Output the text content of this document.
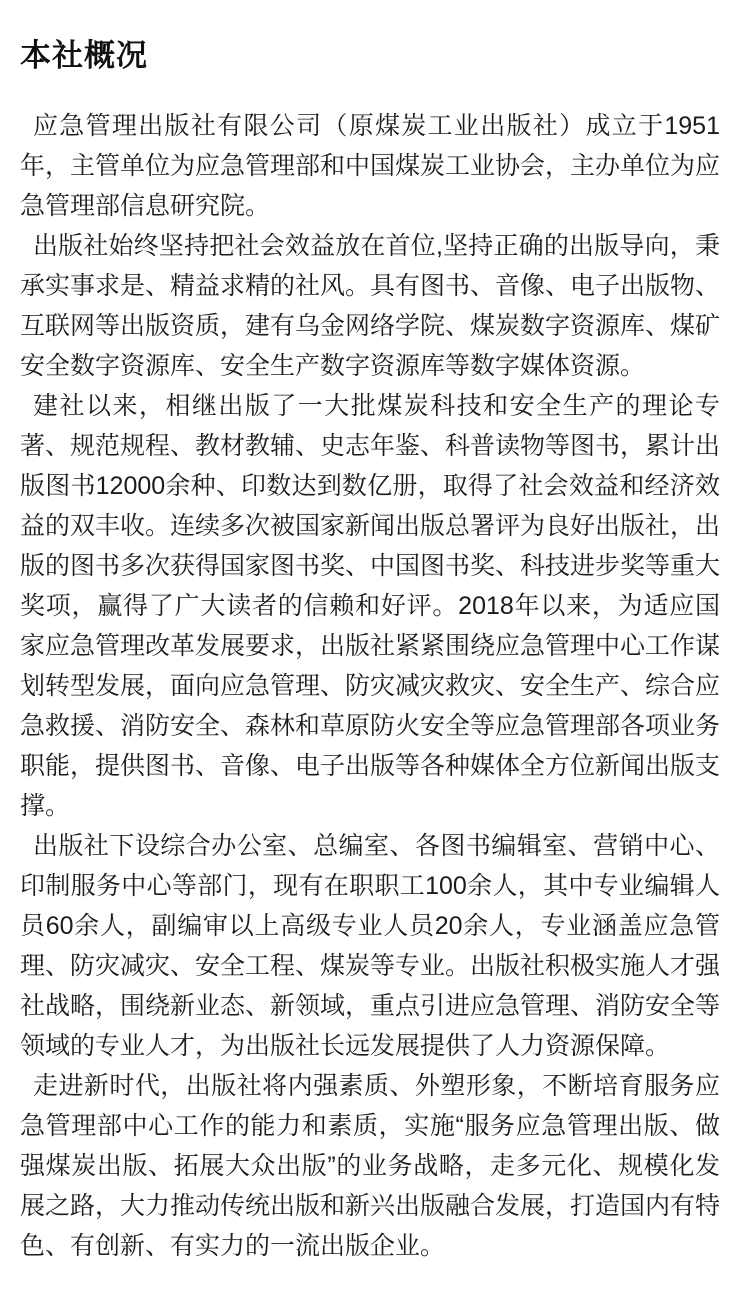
本社概况

应急管理出版社有限公司（原煤炭工业出版社）成立于1951年，主管单位为应急管理部和中国煤炭工业协会，主办单位为应急管理部信息研究院。

出版社始终坚持把社会效益放在首位,坚持正确的出版导向，秉承实事求是、精益求精的社风。具有图书、音像、电子出版物、互联网等出版资质，建有乌金网络学院、煤炭数字资源库、煤矿安全数字资源库、安全生产数字资源库等数字媒体资源。

建社以来，相继出版了一大批煤炭科技和安全生产的理论专著、规范规程、教材教辅、史志年鉴、科普读物等图书，累计出版图书12000余种、印数达到数亿册，取得了社会效益和经济效益的双丰收。连续多次被国家新闻出版总署评为良好出版社，出版的图书多次获得国家图书奖、中国图书奖、科技进步奖等重大奖项，赢得了广大读者的信赖和好评。2018年以来，为适应国家应急管理改革发展要求，出版社紧紧围绕应急管理中心工作谋划转型发展，面向应急管理、防灾减灾救灾、安全生产、综合应急救援、消防安全、森林和草原防火安全等应急管理部各项业务职能，提供图书、音像、电子出版等各种媒体全方位新闻出版支撑。

出版社下设综合办公室、总编室、各图书编辑室、营销中心、印制服务中心等部门，现有在职职工100余人，其中专业编辑人员60余人，副编审以上高级专业人员20余人，专业涵盖应急管理、防灾减灾、安全工程、煤炭等专业。出版社积极实施人才强社战略，围绕新业态、新领域，重点引进应急管理、消防安全等领域的专业人才，为出版社长远发展提供了人力资源保障。

走进新时代，出版社将内强素质、外塑形象，不断培育服务应急管理部中心工作的能力和素质，实施“服务应急管理出版、做强煤炭出版、拓展大众出版”的业务战略，走多元化、规模化发展之路，大力推动传统出版和新兴出版融合发展，打造国内有特色、有创新、有实力的一流出版企业。
